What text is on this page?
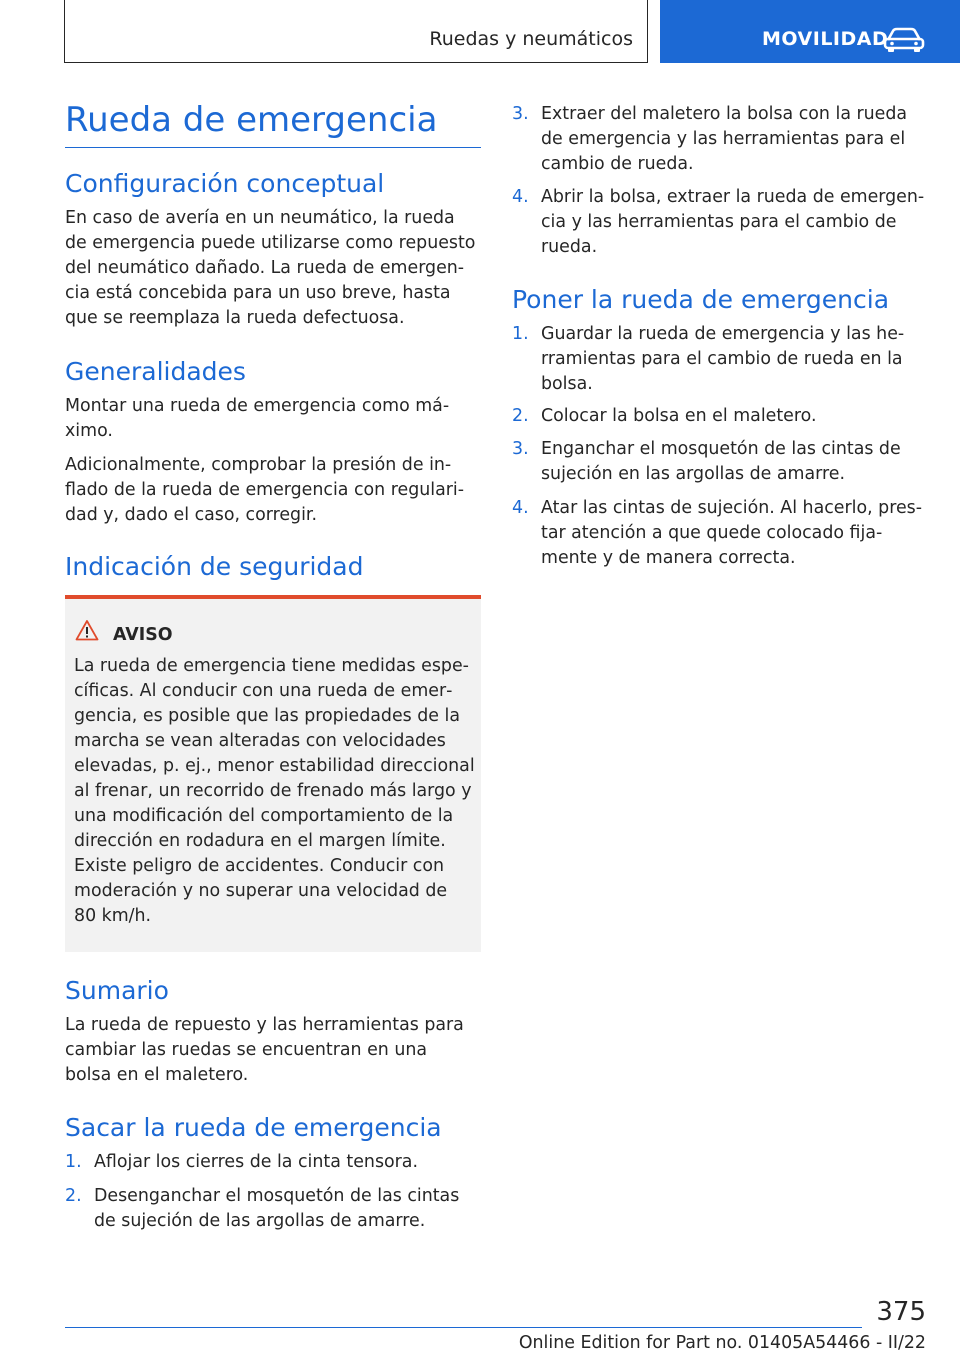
Ruedas y neumáticos	MOVILIDAD
Rueda de emergencia
Configuración conceptual

En caso de avería en un neumático, la rueda
de emergencia puede utilizarse como repuesto
del neumático dañado. La rueda de emergen‐
cia está concebida para un uso breve, hasta
que se reemplaza la rueda defectuosa.

Generalidades

Montar una rueda de emergencia como má‐
ximo.

Adicionalmente, comprobar la presión de in‐
flado de la rueda de emergencia con regulari‐
dad y, dado el caso, corregir.

Indicación de seguridad
AVISO

La rueda de emergencia tiene medidas espe‐
cíficas. Al conducir con una rueda de emer‐
gencia, es posible que las propiedades de la
marcha se vean alteradas con velocidades
elevadas, p. ej., menor estabilidad direccional
al frenar, un recorrido de frenado más largo y
una modificación del comportamiento de la
dirección en rodadura en el margen límite.
Existe peligro de accidentes. Conducir con
moderación y no superar una velocidad de
80 km/h.

Sumario

La rueda de repuesto y las herramientas para
cambiar las ruedas se encuentran en una
bolsa en el maletero.

Sacar la rueda de emergencia
1. Aflojar los cierres de la cinta tensora.

2. Desenganchar el mosquetón de las cintas
de sujeción de las argollas de amarre.

3. Extraer del maletero la bolsa con la rueda
de emergencia y las herramientas para el
cambio de rueda.

4. Abrir la bolsa, extraer la rueda de emergen‐
cia y las herramientas para el cambio de
rueda.

Poner la rueda de emergencia
1. Guardar la rueda de emergencia y las he‐
rramientas para el cambio de rueda en la
bolsa.

2. Colocar la bolsa en el maletero.

3. Enganchar el mosquetón de las cintas de
sujeción en las argollas de amarre.

4. Atar las cintas de sujeción. Al hacerlo, pres‐
tar atención a que quede colocado fija‐
mente y de manera correcta.

375
Online Edition for Part no. 01405A54466 - II/22
